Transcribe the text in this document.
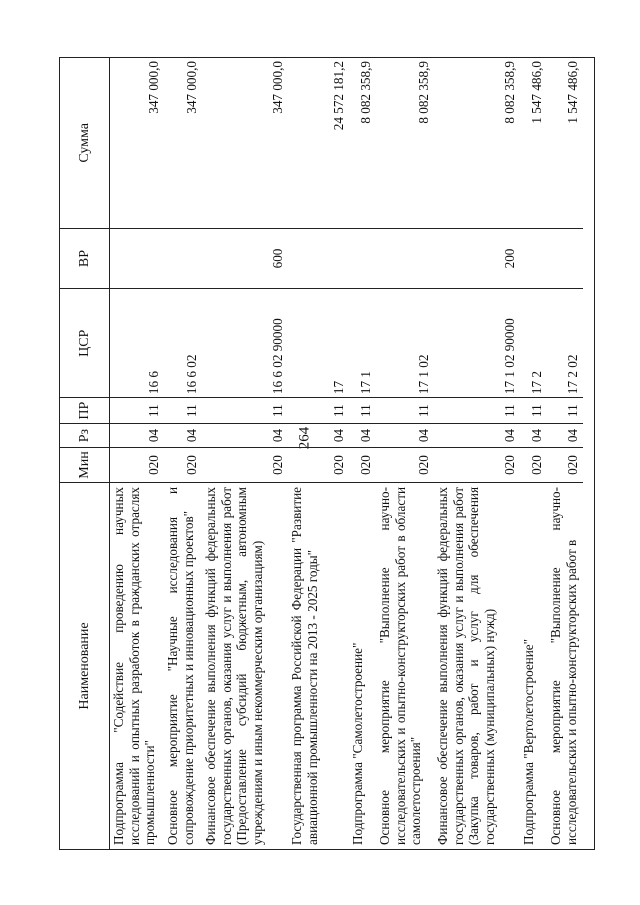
264
Наименование
Мин
Рз
ПР
ЦСР
ВР
Сумма
Подпрограмма "Содействие проведению научных исследований и опытных разработок в гражданских отраслях промышленности"
020
04
11
16 6
347 000,0
Основное мероприятие "Научные исследования и сопровождение приоритетных и инновационных проектов"
020
04
11
16 6 02
347 000,0
Финансовое обеспечение выполнения функций федеральных государственных органов, оказания услуг и выполнения работ (Предоставление субсидий бюджетным, автономным учреждениям и иным некоммерческим организациям)
020
04
11
16 6 02 90000
600
347 000,0
Государственная программа Российской Федерации "Развитие авиационной промышленности на 2013 - 2025 годы"
020
04
11
17
24 572 181,2
Подпрограмма "Самолетостроение"
020
04
11
17 1
8 082 358,9
Основное мероприятие "Выполнение научно-исследовательских и опытно-конструкторских работ в области самолетостроения"
020
04
11
17 1 02
8 082 358,9
Финансовое обеспечение выполнения функций федеральных государственных органов, оказания услуг и выполнения работ (Закупка товаров, работ и услуг для обеспечения государственных (муниципальных) нужд)
020
04
11
17 1 02 90000
200
8 082 358,9
Подпрограмма "Вертолетостроение"
020
04
11
17 2
1 547 486,0
Основное мероприятие "Выполнение научно-исследовательских и опытно-конструкторских работ в
020
04
11
17 2 02
1 547 486,0
